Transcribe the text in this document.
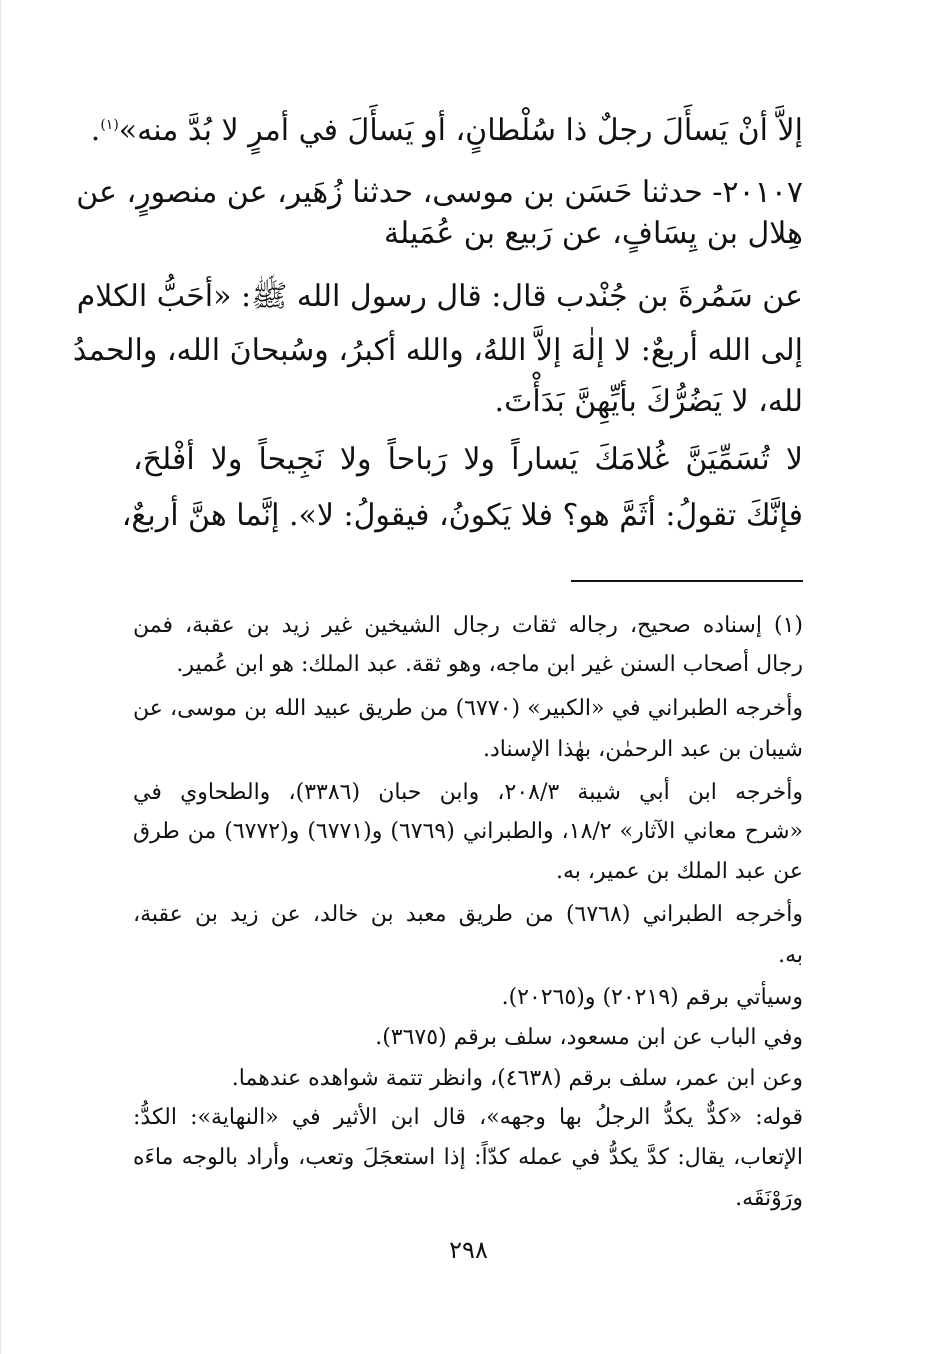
إلاَّ أنْ يَسأَلَ رجلٌ ذا سُلْطانٍ، أو يَسأَلَ في أمرٍ لا بُدَّ منه»$^{(١)}$.
٢٠١٠٧- حدثنا حَسَن بن موسى، حدثنا زُهَير، عن منصورٍ، عن
هِلال بن يِسَافٍ، عن رَبيع بن عُمَيلة
عن سَمُرةَ بن جُنْدب قال: قال رسول الله ﷺ: «أحَبُّ الكلام
إلى الله أربعٌ: لا إلٰهَ إلاَّ اللهُ، والله أكبرُ، وسُبحانَ الله، والحمدُ
لله، لا يَضُرُّكَ بأيِّهِنَّ بَدَأْتَ.
لا تُسَمِّيَنَّ غُلامَكَ يَساراً ولا رَباحاً ولا نَجِيحاً ولا أفْلحَ،
فإنَّكَ تقولُ: أثَمَّ هو؟ فلا يَكونُ، فيقولُ: لا». إنَّما هنَّ أربعٌ،
(١) إسناده صحيح، رجاله ثقات رجال الشيخين غير زيد بن عقبة، فمن
رجال أصحاب السنن غير ابن ماجه، وهو ثقة. عبد الملك: هو ابن عُمير.
وأخرجه الطبراني في «الكبير» (٦٧٧٠) من طريق عبيد الله بن موسى، عن
شيبان بن عبد الرحمٰن، بهٰذا الإسناد.
وأخرجه ابن أبي شيبة ٢٠٨/٣، وابن حبان (٣٣٨٦)، والطحاوي في
«شرح معاني الآثار» ١٨/٢، والطبراني (٦٧٦٩) و(٦٧٧١) و(٦٧٧٢) من طرق
عن عبد الملك بن عمير، به.
وأخرجه الطبراني (٦٧٦٨) من طريق معبد بن خالد، عن زيد بن عقبة،
به.
وسيأتي برقم (٢٠٢١٩) و(٢٠٢٦٥).
وفي الباب عن ابن مسعود، سلف برقم (٣٦٧٥).
وعن ابن عمر، سلف برقم (٤٦٣٨)، وانظر تتمة شواهده عندهما.
قوله: «كدٌّ يكدُّ الرجلُ بها وجهه»، قال ابن الأثير في «النهاية»: الكدُّ:
الإتعاب، يقال: كدَّ يكدُّ في عمله كدّاً: إذا استعجَلَ وتعب، وأراد بالوجه ماءَه
ورَوْنَقَه.
٢٩٨
